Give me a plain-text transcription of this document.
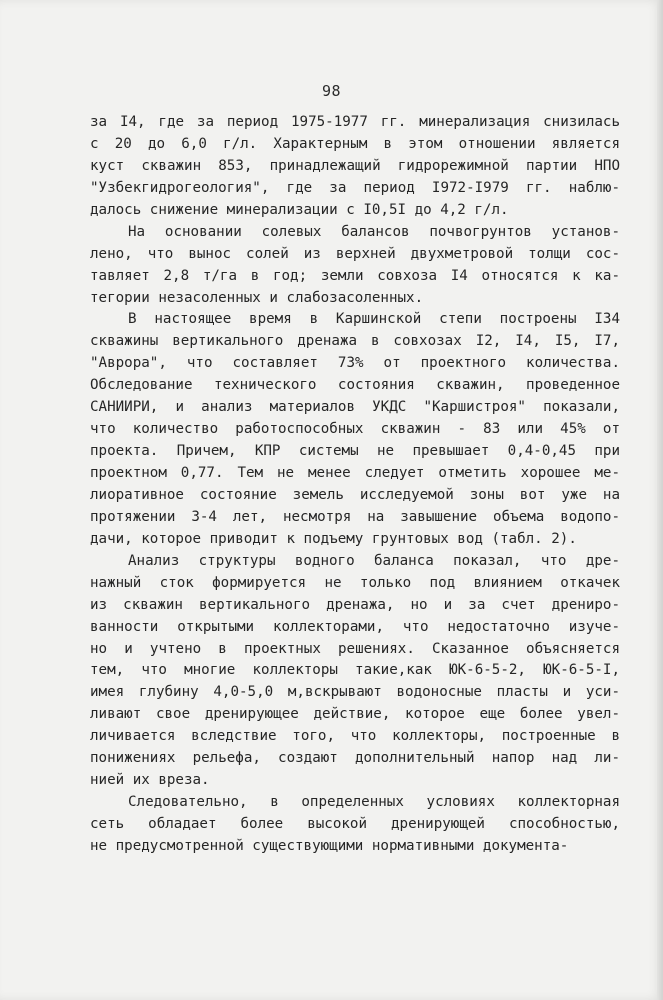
98
за I4, где за период 1975-1977 гг. минерализация снизилась
с 20 до 6,0 г/л. Характерным в этом отношении является
куст скважин 853, принадлежащий гидрорежимной партии НПО
"Узбекгидрогеология", где за период I972-I979 гг. наблю-
далось снижение минерализации с I0,5I до 4,2 г/л.
На основании солевых балансов почвогрунтов установ-
лено, что вынос солей из верхней двухметровой толщи сос-
тавляет 2,8 т/га в год; земли совхоза I4 относятся к ка-
тегории незасоленных и слабозасоленных.
В настоящее время в Каршинской степи построены I34
скважины вертикального дренажа в совхозах I2, I4, I5, I7,
"Аврора", что составляет 73% от проектного количества.
Обследование технического состояния скважин, проведенное
САНИИРИ, и анализ материалов УКДС "Каршистроя" показали,
что количество работоспособных скважин - 83 или 45% от
проекта. Причем, КПР системы не превышает 0,4-0,45 при
проектном 0,77. Тем не менее следует отметить хорошее ме-
лиоративное состояние земель исследуемой зоны вот уже на
протяжении 3-4 лет, несмотря на завышение объема водопо-
дачи, которое приводит к подъему грунтовых вод (табл. 2).
Анализ структуры водного баланса показал, что дре-
нажный сток формируется не только под влиянием откачек
из скважин вертикального дренажа, но и за счет дрениро-
ванности открытыми коллекторами, что недостаточно изуче-
но и учтено в проектных решениях. Сказанное объясняется
тем, что многие коллекторы такие,как ЮК-6-5-2, ЮК-6-5-I,
имея глубину 4,0-5,0 м,вскрывают водоносные пласты и уси-
ливают свое дренирующее действие, которое еще более увел-
личивается вследствие того, что коллекторы, построенные в
понижениях рельефа, создают дополнительный напор над ли-
нией их вреза.
Следовательно, в определенных условиях коллекторная
сеть обладает более высокой дренирующей способностью,
не предусмотренной существующими нормативными документа-
